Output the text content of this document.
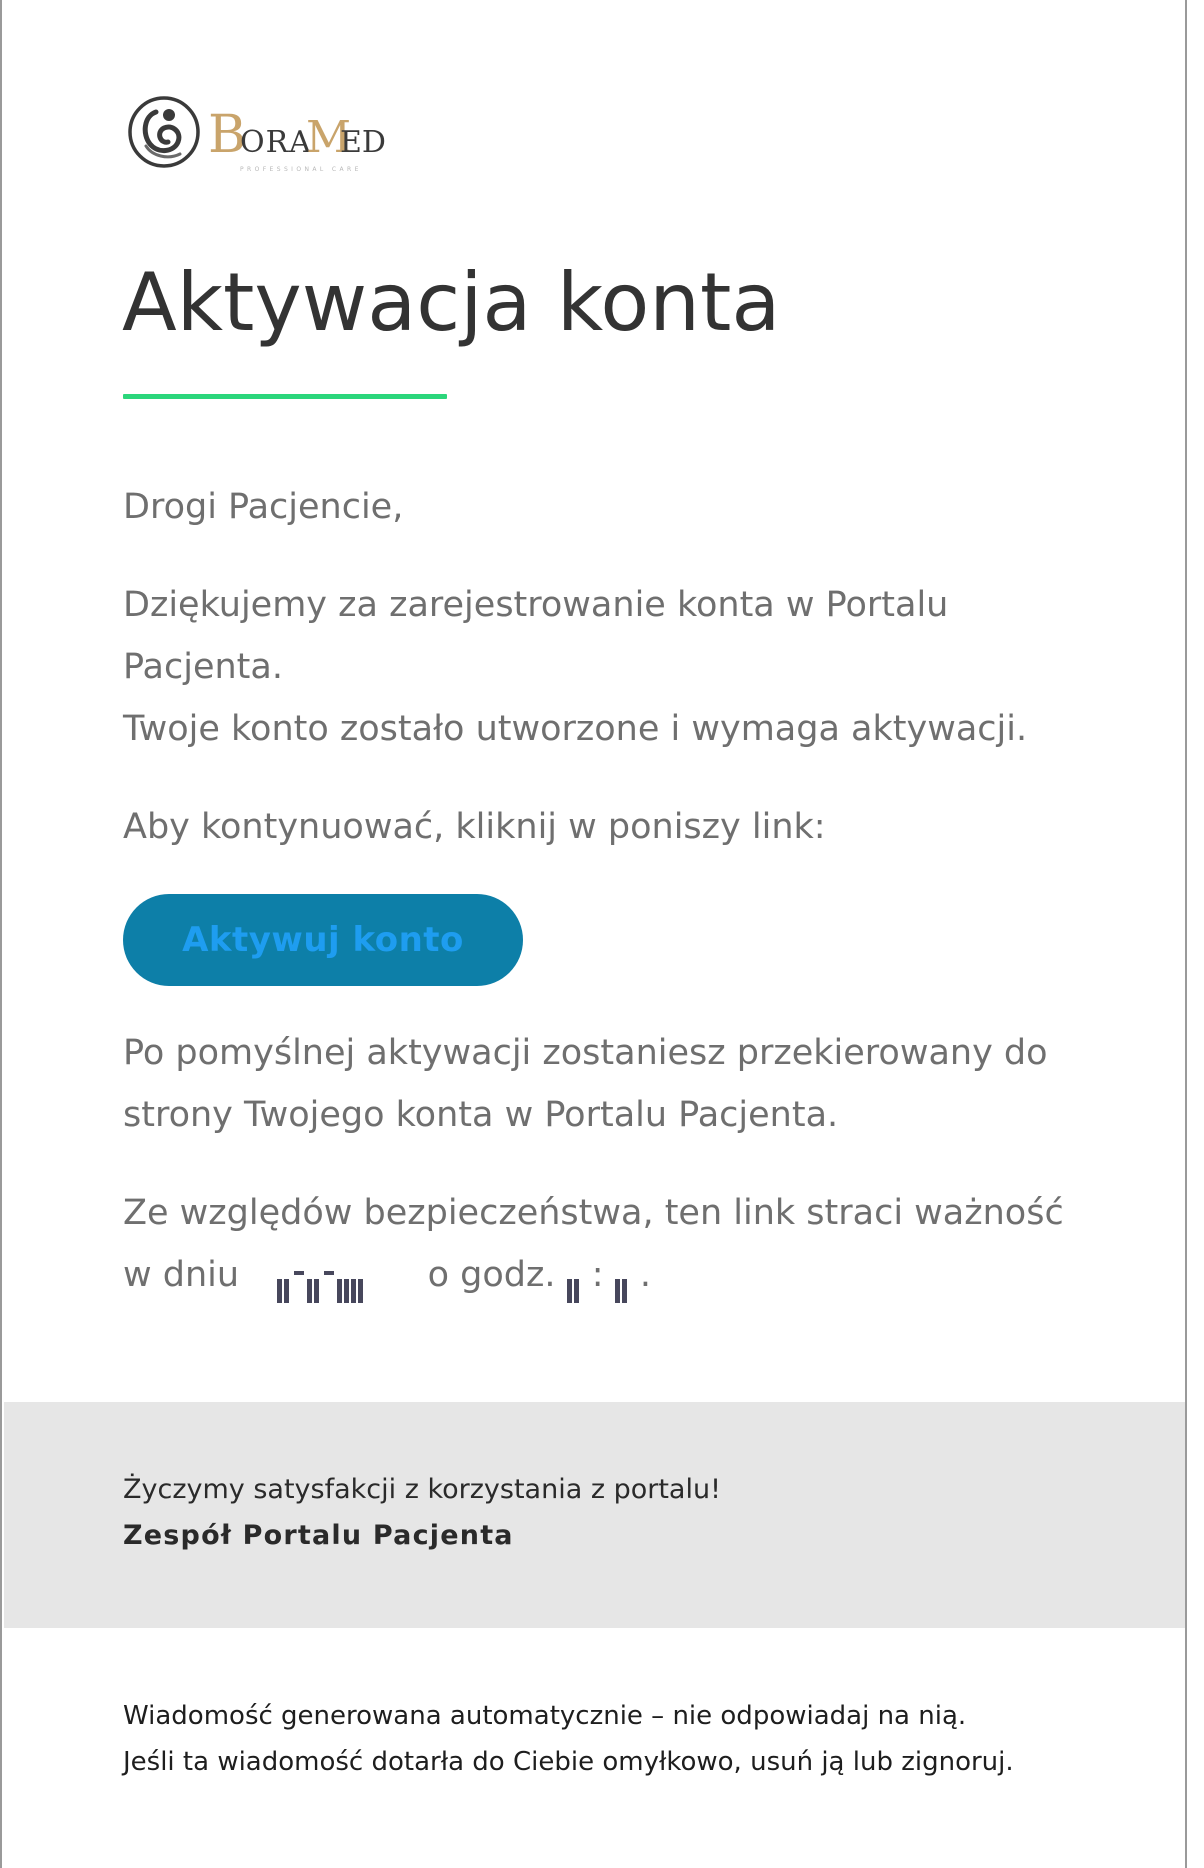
B
ORA
M
ED
PROFESSIONAL CARE
Aktywacja konta

Drogi Pacjencie,

Dziękujemy za zarejestrowanie konta w Portalu
Pacjenta.
Twoje konto zostało utworzone i wymaga aktywacji.

Aby kontynuować, kliknij w poniszy link:

Aktywuj konto

Po pomyślnej aktywacji zostaniesz przekierowany do
strony Twojego konta w Portalu Pacjenta.

Ze względów bezpieczeństwa, ten link straci ważność
w dniu	o godz. : .

Życzymy satysfakcji z korzystania z portalu!

Zespół Portalu Pacjenta

Wiadomość generowana automatycznie – nie odpowiadaj na nią.
Jeśli ta wiadomość dotarła do Ciebie omyłkowo, usuń ją lub zignoruj.
